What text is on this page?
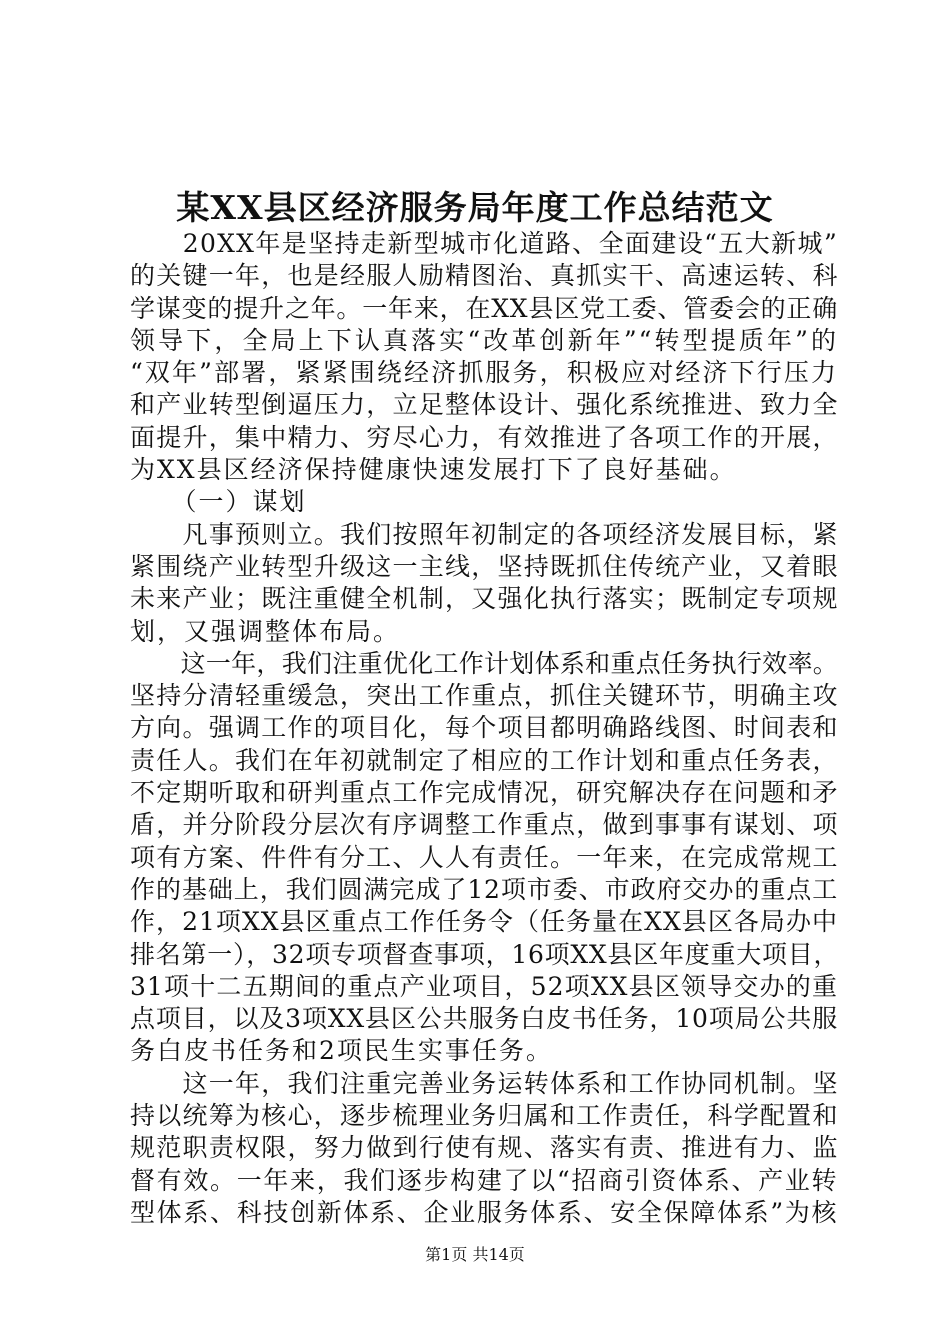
某XX县区经济服务局年度工作总结范文
　　20XX年是坚持走新型城市化道路、全面建设“五大新城”
的关键一年，也是经服人励精图治、真抓实干、高速运转、科
学谋变的提升之年。一年来，在XX县区党工委、管委会的正确
领导下，全局上下认真落实“改革创新年”“转型提质年”的
“双年”部署，紧紧围绕经济抓服务，积极应对经济下行压力
和产业转型倒逼压力，立足整体设计、强化系统推进、致力全
面提升，集中精力、穷尽心力，有效推进了各项工作的开展，
为XX县区经济保持健康快速发展打下了良好基础。
　　（一）谋划
　　凡事预则立。我们按照年初制定的各项经济发展目标，紧
紧围绕产业转型升级这一主线，坚持既抓住传统产业，又着眼
未来产业；既注重健全机制，又强化执行落实；既制定专项规
划，又强调整体布局。
　　这一年，我们注重优化工作计划体系和重点任务执行效率。
坚持分清轻重缓急，突出工作重点，抓住关键环节，明确主攻
方向。强调工作的项目化，每个项目都明确路线图、时间表和
责任人。我们在年初就制定了相应的工作计划和重点任务表，
不定期听取和研判重点工作完成情况，研究解决存在问题和矛
盾，并分阶段分层次有序调整工作重点，做到事事有谋划、项
项有方案、件件有分工、人人有责任。一年来，在完成常规工
作的基础上，我们圆满完成了12项市委、市政府交办的重点工
作，21项XX县区重点工作任务令（任务量在XX县区各局办中
排名第一），32项专项督查事项，16项XX县区年度重大项目，
31项十二五期间的重点产业项目，52项XX县区领导交办的重
点项目，以及3项XX县区公共服务白皮书任务，10项局公共服
务白皮书任务和2项民生实事任务。
　　这一年，我们注重完善业务运转体系和工作协同机制。坚
持以统筹为核心，逐步梳理业务归属和工作责任，科学配置和
规范职责权限，努力做到行使有规、落实有责、推进有力、监
督有效。一年来，我们逐步构建了以“招商引资体系、产业转
型体系、科技创新体系、企业服务体系、安全保障体系”为核
第1页 共14页
